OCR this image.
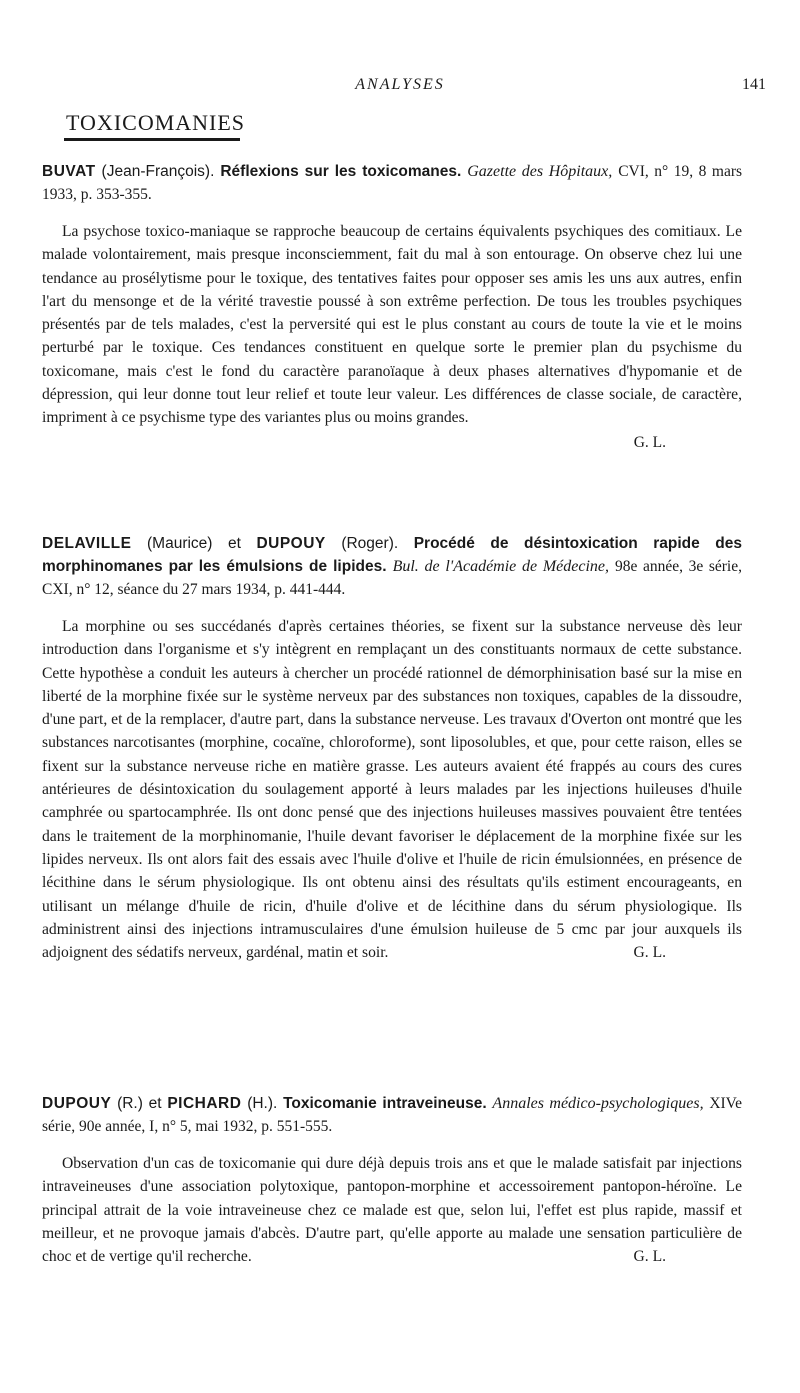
ANALYSES	141
TOXICOMANIES

BUVAT (Jean-François). Réflexions sur les toxicomanes. Gazette des Hôpitaux, CVI, n° 19, 8 mars 1933, p. 353-355.

La psychose toxico-maniaque se rapproche beaucoup de certains équivalents psychiques des comitiaux. Le malade volontairement, mais presque inconsciemment, fait du mal à son entourage. On observe chez lui une tendance au prosélytisme pour le toxique, des tentatives faites pour opposer ses amis les uns aux autres, enfin l'art du mensonge et de la vérité travestie poussé à son extrême perfection. De tous les troubles psychiques présentés par de tels malades, c'est la perversité qui est le plus constant au cours de toute la vie et le moins perturbé par le toxique. Ces tendances constituent en quelque sorte le premier plan du psychisme du toxicomane, mais c'est le fond du caractère paranoïaque à deux phases alternatives d'hypomanie et de dépression, qui leur donne tout leur relief et toute leur valeur. Les différences de classe sociale, de caractère, impriment à ce psychisme type des variantes plus ou moins grandes.

G. L.

DELAVILLE (Maurice) et DUPOUY (Roger). Procédé de désintoxication rapide des morphinomanes par les émulsions de lipides. Bul. de l'Académie de Médecine, 98e année, 3e série, CXI, n° 12, séance du 27 mars 1934, p. 441-444.

La morphine ou ses succédanés d'après certaines théories, se fixent sur la substance nerveuse dès leur introduction dans l'organisme et s'y intègrent en remplaçant un des constituants normaux de cette substance. Cette hypothèse a conduit les auteurs à chercher un procédé rationnel de démorphinisation basé sur la mise en liberté de la morphine fixée sur le système nerveux par des substances non toxiques, capables de la dissoudre, d'une part, et de la remplacer, d'autre part, dans la substance nerveuse. Les travaux d'Overton ont montré que les substances narcotisantes (morphine, cocaïne, chloroforme), sont liposolubles, et que, pour cette raison, elles se fixent sur la substance nerveuse riche en matière grasse. Les auteurs avaient été frappés au cours des cures antérieures de désintoxication du soulagement apporté à leurs malades par les injections huileuses d'huile camphrée ou spartocamphrée. Ils ont donc pensé que des injections huileuses massives pouvaient être tentées dans le traitement de la morphinomanie, l'huile devant favoriser le déplacement de la morphine fixée sur les lipides nerveux. Ils ont alors fait des essais avec l'huile d'olive et l'huile de ricin émulsionnées, en présence de lécithine dans le sérum physiologique. Ils ont obtenu ainsi des résultats qu'ils estiment encourageants, en utilisant un mélange d'huile de ricin, d'huile d'olive et de lécithine dans du sérum physiologique. Ils administrent ainsi des injections intramusculaires d'une émulsion huileuse de 5 cmc par jour auxquels ils adjoignent des sédatifs nerveux, gardénal, matin et soir.	G. L.

DUPOUY (R.) et PICHARD (H.). Toxicomanie intraveineuse. Annales médico-psychologiques, XIVe série, 90e année, I, n° 5, mai 1932, p. 551-555.

Observation d'un cas de toxicomanie qui dure déjà depuis trois ans et que le malade satisfait par injections intraveineuses d'une association polytoxique, pantopon-morphine et accessoirement pantopon-héroïne. Le principal attrait de la voie intraveineuse chez ce malade est que, selon lui, l'effet est plus rapide, massif et meilleur, et ne provoque jamais d'abcès. D'autre part, qu'elle apporte au malade une sensation particulière de choc et de vertige qu'il recherche.	G. L.
